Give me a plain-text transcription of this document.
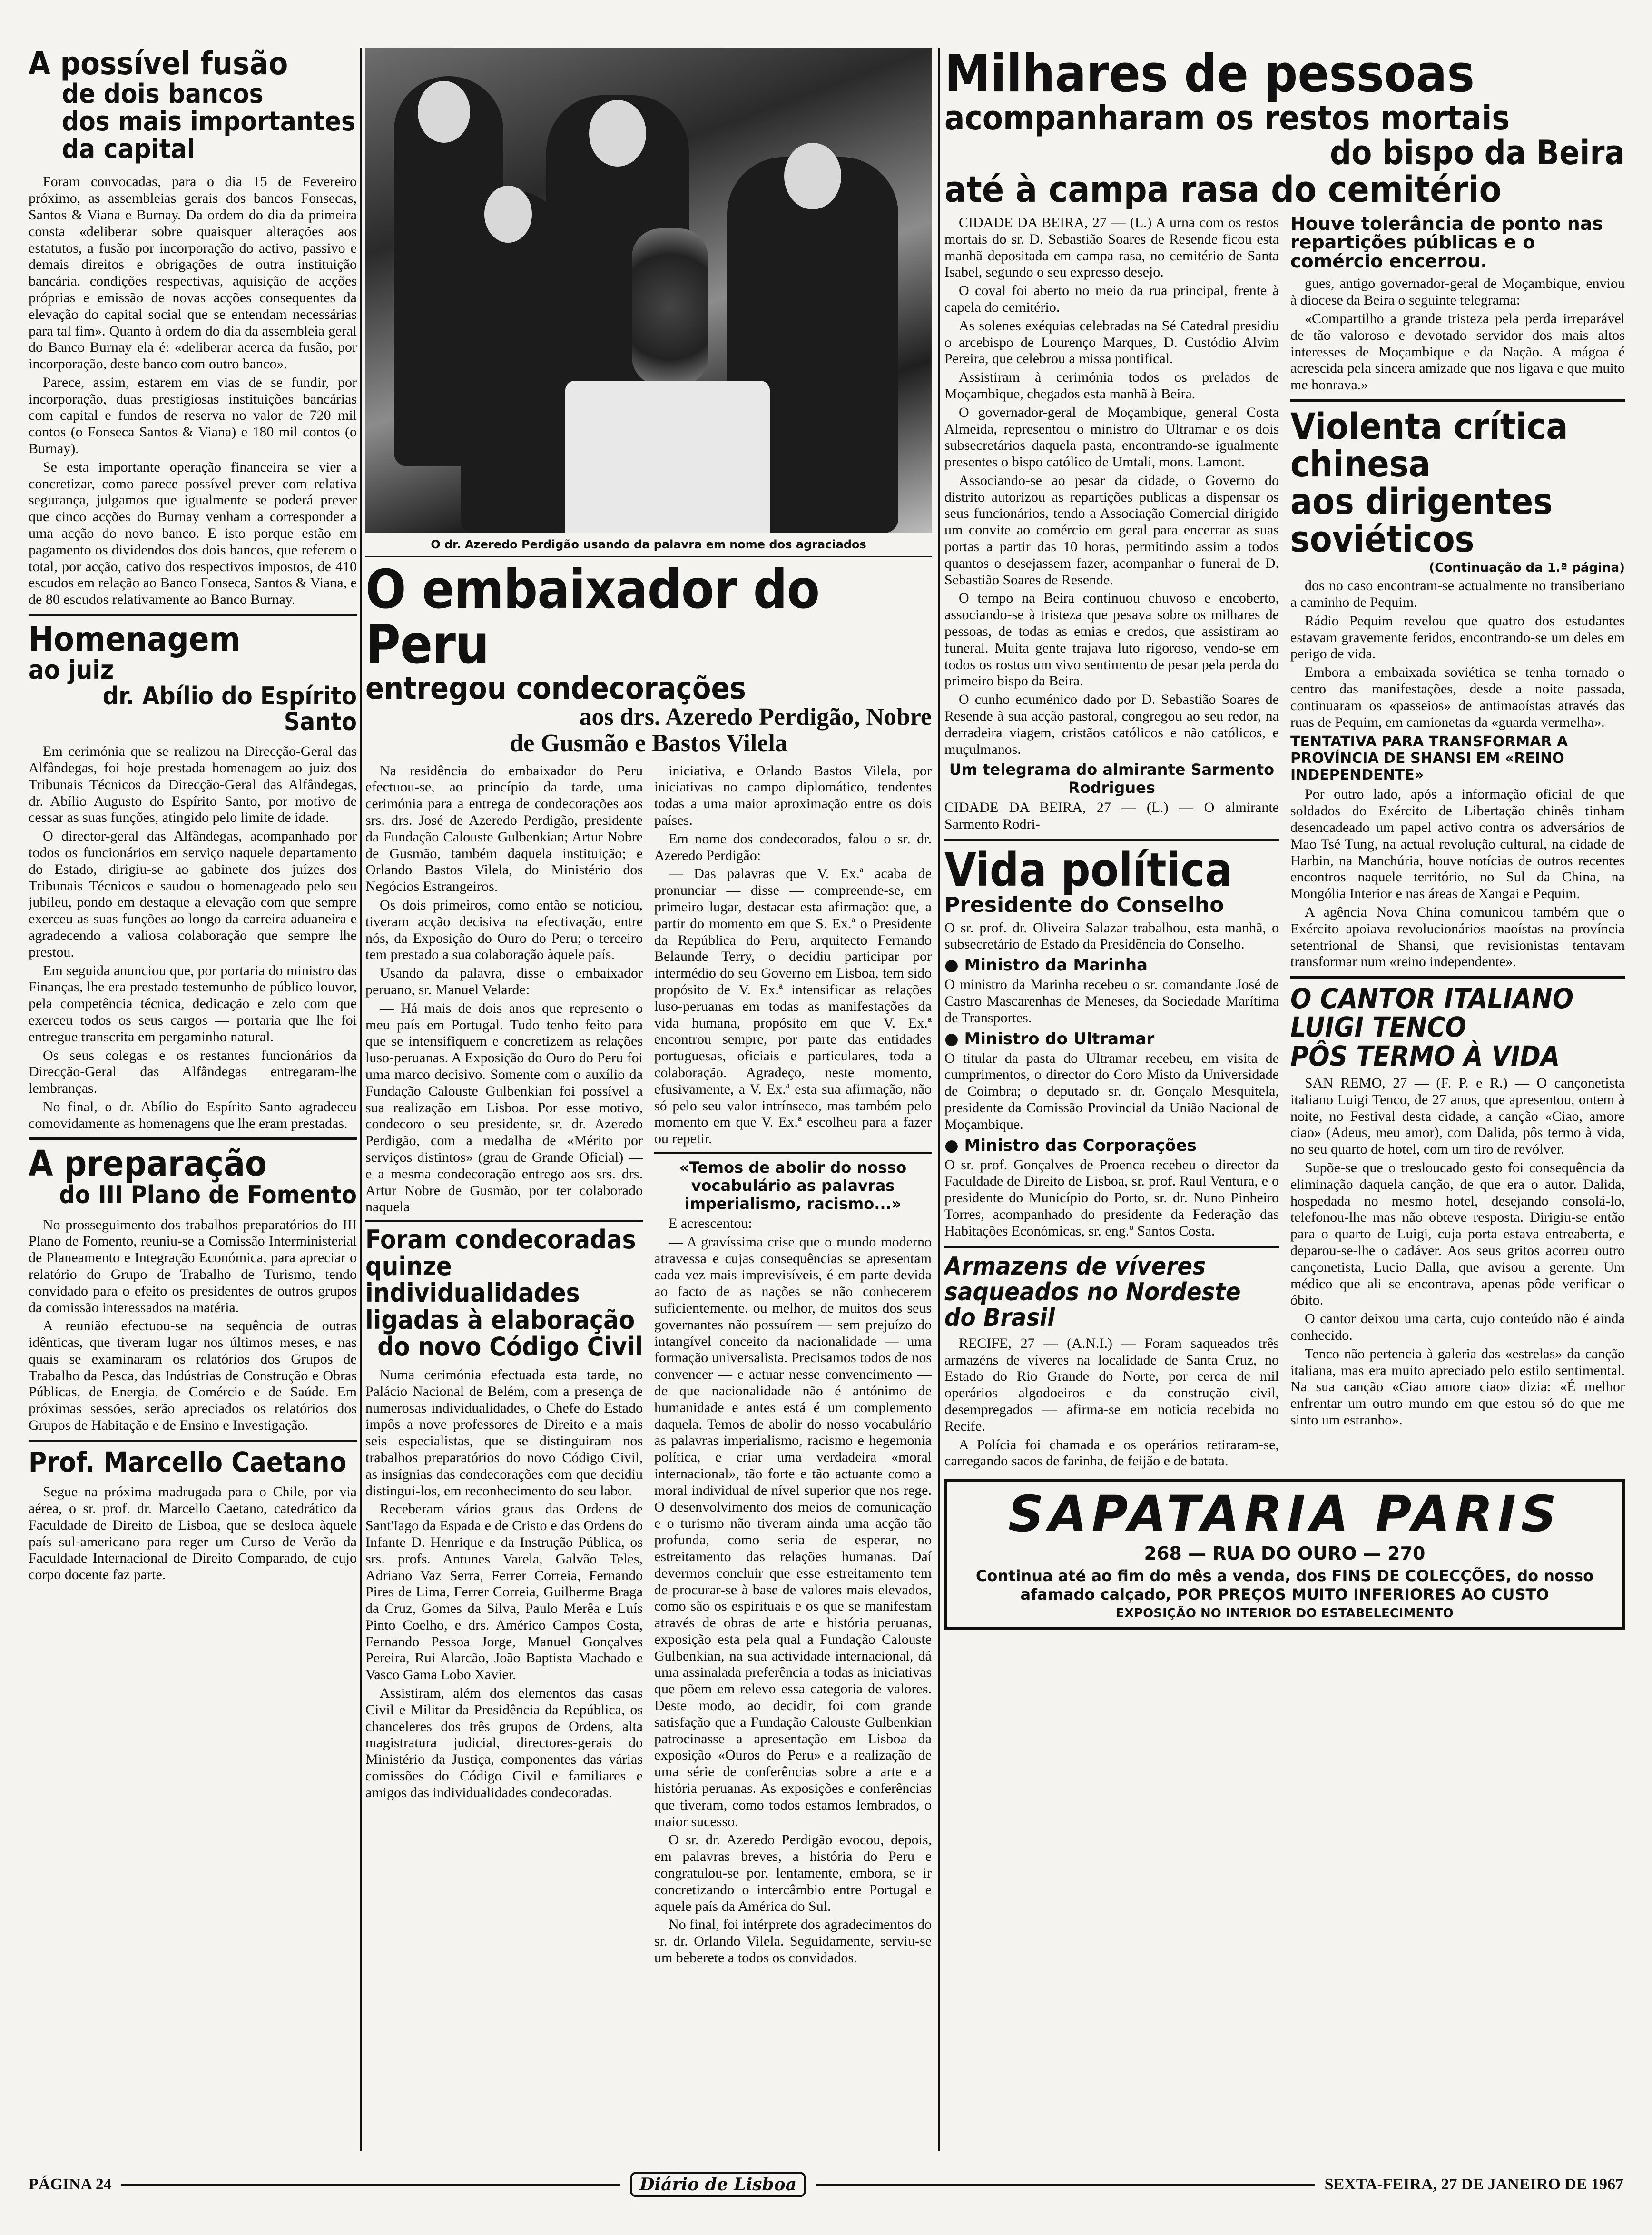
A possível fusão
de dois bancos
dos mais importantes
da capital

Foram convocadas, para o dia 15 de Fevereiro próximo, as assembleias gerais dos bancos Fonsecas, Santos & Viana e Burnay. Da ordem do dia da primeira consta «deliberar sobre quaisquer alterações aos estatutos, a fusão por incorporação do activo, passivo e demais direitos e obrigações de outra instituição bancária, condições respectivas, aquisição de acções próprias e emissão de novas acções consequentes da elevação do capital social que se entendam necessárias para tal fim». Quanto à ordem do dia da assembleia geral do Banco Burnay ela é: «deliberar acerca da fusão, por incorporação, deste banco com outro banco».

Parece, assim, estarem em vias de se fundir, por incorporação, duas prestigiosas instituições bancárias com capital e fundos de reserva no valor de 720 mil contos (o Fonseca Santos & Viana) e 180 mil contos (o Burnay).

Se esta importante operação financeira se vier a concretizar, como parece possível prever com relativa segurança, julgamos que igualmente se poderá prever que cinco acções do Burnay venham a corresponder a uma acção do novo banco. E isto porque estão em pagamento os dividendos dos dois bancos, que referem o total, por acção, cativo dos respectivos impostos, de 410 escudos em relação ao Banco Fonseca, Santos & Viana, e de 80 escudos relativamente ao Banco Burnay.

Homenagem
ao juiz
dr. Abílio do Espírito Santo

Em cerimónia que se realizou na Direcção-Geral das Alfândegas, foi hoje prestada homenagem ao juiz dos Tribunais Técnicos da Direcção-Geral das Alfândegas, dr. Abílio Augusto do Espírito Santo, por motivo de cessar as suas funções, atingido pelo limite de idade.

O director-geral das Alfândegas, acompanhado por todos os funcionários em serviço naquele departamento do Estado, dirigiu-se ao gabinete dos juízes dos Tribunais Técnicos e saudou o homenageado pelo seu jubileu, pondo em destaque a elevação com que sempre exerceu as suas funções ao longo da carreira aduaneira e agradecendo a valiosa colaboração que sempre lhe prestou.

Em seguida anunciou que, por portaria do ministro das Finanças, lhe era prestado testemunho de público louvor, pela competência técnica, dedicação e zelo com que exerceu todos os seus cargos — portaria que lhe foi entregue transcrita em pergaminho natural.

Os seus colegas e os restantes funcionários da Direcção-Geral das Alfândegas entregaram-lhe lembranças.

No final, o dr. Abílio do Espírito Santo agradeceu comovidamente as homenagens que lhe eram prestadas.

A preparação
do III Plano de Fomento

No prosseguimento dos trabalhos preparatórios do III Plano de Fomento, reuniu-se a Comissão Interministerial de Planeamento e Integração Económica, para apreciar o relatório do Grupo de Trabalho de Turismo, tendo convidado para o efeito os presidentes de outros grupos da comissão interessados na matéria.

A reunião efectuou-se na sequência de outras idênticas, que tiveram lugar nos últimos meses, e nas quais se examinaram os relatórios dos Grupos de Trabalho da Pesca, das Indústrias de Construção e Obras Públicas, de Energia, de Comércio e de Saúde. Em próximas sessões, serão apreciados os relatórios dos Grupos de Habitação e de Ensino e Investigação.

Prof. Marcello Caetano

Segue na próxima madrugada para o Chile, por via aérea, o sr. prof. dr. Marcello Caetano, catedrático da Faculdade de Direito de Lisboa, que se desloca àquele país sul-americano para reger um Curso de Verão da Faculdade Internacional de Direito Comparado, de cujo corpo docente faz parte.

O dr. Azeredo Perdigão usando da palavra em nome dos agraciados
O embaixador do Peru
entregou condecorações
aos drs. Azeredo Perdigão, Nobre
de Gusmão e Bastos Vilela

Na residência do embaixador do Peru efectuou-se, ao princípio da tarde, uma cerimónia para a entrega de condecorações aos srs. drs. José de Azeredo Perdigão, presidente da Fundação Calouste Gulbenkian; Artur Nobre de Gusmão, também daquela instituição; e Orlando Bastos Vilela, do Ministério dos Negócios Estrangeiros.

Os dois primeiros, como então se noticiou, tiveram acção decisiva na efectivação, entre nós, da Exposição do Ouro do Peru; o terceiro tem prestado a sua colaboração àquele país.

Usando da palavra, disse o embaixador peruano, sr. Manuel Velarde:

— Há mais de dois anos que represento o meu país em Portugal. Tudo tenho feito para que se intensifiquem e concretizem as relações luso-peruanas. A Exposição do Ouro do Peru foi uma marco decisivo. Somente com o auxílio da Fundação Calouste Gulbenkian foi possível a sua realização em Lisboa. Por esse motivo, condecoro o seu presidente, sr. dr. Azeredo Perdigão, com a medalha de «Mérito por serviços distintos» (grau de Grande Oficial) — e a mesma condecoração entrego aos srs. drs. Artur Nobre de Gusmão, por ter colaborado naquela

Foram condecoradas
quinze individualidades
ligadas à elaboração
do novo Código Civil

Numa cerimónia efectuada esta tarde, no Palácio Nacional de Belém, com a presença de numerosas individualidades, o Chefe do Estado impôs a nove professores de Direito e a mais seis especialistas, que se distinguiram nos trabalhos preparatórios do novo Código Civil, as insígnias das condecorações com que decidiu distingui-los, em reconhecimento do seu labor.

Receberam vários graus das Ordens de Sant'Iago da Espada e de Cristo e das Ordens do Infante D. Henrique e da Instrução Pública, os srs. profs. Antunes Varela, Galvão Teles, Adriano Vaz Serra, Ferrer Correia, Fernando Pires de Lima, Ferrer Correia, Guilherme Braga da Cruz, Gomes da Silva, Paulo Merêa e Luís Pinto Coelho, e drs. Américo Campos Costa, Fernando Pessoa Jorge, Manuel Gonçalves Pereira, Rui Alarcão, João Baptista Machado e Vasco Gama Lobo Xavier.

Assistiram, além dos elementos das casas Civil e Militar da Presidência da República, os chanceleres dos três grupos de Ordens, alta magistratura judicial, directores-gerais do Ministério da Justiça, componentes das várias comissões do Código Civil e familiares e amigos das individualidades condecoradas.

iniciativa, e Orlando Bastos Vilela, por iniciativas no campo diplomático, tendentes todas a uma maior aproximação entre os dois países.

Em nome dos condecorados, falou o sr. dr. Azeredo Perdigão:

— Das palavras que V. Ex.ª acaba de pronunciar — disse — compreende-se, em primeiro lugar, destacar esta afirmação: que, a partir do momento em que S. Ex.ª o Presidente da República do Peru, arquitecto Fernando Belaunde Terry, o decidiu participar por intermédio do seu Governo em Lisboa, tem sido propósito de V. Ex.ª intensificar as relações luso-peruanas em todas as manifestações da vida humana, propósito em que V. Ex.ª encontrou sempre, por parte das entidades portuguesas, oficiais e particulares, toda a colaboração. Agradeço, neste momento, efusivamente, a V. Ex.ª esta sua afirmação, não só pelo seu valor intrínseco, mas também pelo momento em que V. Ex.ª escolheu para a fazer ou repetir.

«Temos de abolir do nosso vocabulário as palavras imperialismo, racismo...»

E acrescentou:

— A gravíssima crise que o mundo moderno atravessa e cujas consequências se apresentam cada vez mais imprevisíveis, é em parte devida ao facto de as nações se não conhecerem suficientemente. ou melhor, de muitos dos seus governantes não possuírem — sem prejuízo do intangível conceito da nacionalidade — uma formação universalista. Precisamos todos de nos convencer — e actuar nesse convencimento — de que nacionalidade não é antónimo de humanidade e antes está é um complemento daquela. Temos de abolir do nosso vocabulário as palavras imperialismo, racismo e hegemonia política, e criar uma verdadeira «moral internacional», tão forte e tão actuante como a moral individual de nível superior que nos rege. O desenvolvimento dos meios de comunicação e o turismo não tiveram ainda uma acção tão profunda, como seria de esperar, no estreitamento das relações humanas. Daí devermos concluir que esse estreitamento tem de procurar-se à base de valores mais elevados, como são os espirituais e os que se manifestam através de obras de arte e história peruanas, exposição esta pela qual a Fundação Calouste Gulbenkian, na sua actividade internacional, dá uma assinalada preferência a todas as iniciativas que põem em relevo essa categoria de valores. Deste modo, ao decidir, foi com grande satisfação que a Fundação Calouste Gulbenkian patrocinasse a apresentação em Lisboa da exposição «Ouros do Peru» e a realização de uma série de conferências sobre a arte e a história peruanas. As exposições e conferências que tiveram, como todos estamos lembrados, o maior sucesso.

O sr. dr. Azeredo Perdigão evocou, depois, em palavras breves, a história do Peru e congratulou-se por, lentamente, embora, se ir concretizando o intercâmbio entre Portugal e aquele país da América do Sul.

No final, foi intérprete dos agradecimentos do sr. dr. Orlando Vilela. Seguidamente, serviu-se um beberete a todos os convidados.

Milhares de pessoas
acompanharam os restos mortais
do bispo da Beira
até à campa rasa do cemitério

CIDADE DA BEIRA, 27 — (L.) A urna com os restos mortais do sr. D. Sebastião Soares de Resende ficou esta manhã depositada em campa rasa, no cemitério de Santa Isabel, segundo o seu expresso desejo.

O coval foi aberto no meio da rua principal, frente à capela do cemitério.

As solenes exéquias celebradas na Sé Catedral presidiu o arcebispo de Lourenço Marques, D. Custódio Alvim Pereira, que celebrou a missa pontifical.

Assistiram à cerimónia todos os prelados de Moçambique, chegados esta manhã à Beira.

O governador-geral de Moçambique, general Costa Almeida, representou o ministro do Ultramar e os dois subsecretários daquela pasta, encontrando-se igualmente presentes o bispo católico de Umtali, mons. Lamont.

Associando-se ao pesar da cidade, o Governo do distrito autorizou as repartições publicas a dispensar os seus funcionários, tendo a Associação Comercial dirigido um convite ao comércio em geral para encerrar as suas portas a partir das 10 horas, permitindo assim a todos quantos o desejassem fazer, acompanhar o funeral de D. Sebastião Soares de Resende.

O tempo na Beira continuou chuvoso e encoberto, associando-se à tristeza que pesava sobre os milhares de pessoas, de todas as etnias e credos, que assistiram ao funeral. Muita gente trajava luto rigoroso, vendo-se em todos os rostos um vivo sentimento de pesar pela perda do primeiro bispo da Beira.

O cunho ecuménico dado por D. Sebastião Soares de Resende à sua acção pastoral, congregou ao seu redor, na derradeira viagem, cristãos católicos e não católicos, e muçulmanos.

Um telegrama do almirante Sarmento Rodrigues
CIDADE DA BEIRA, 27 — (L.) — O almirante Sarmento Rodri-
Vida política
Presidente do Conselho
O sr. prof. dr. Oliveira Salazar trabalhou, esta manhã, o subsecretário de Estado da Presidência do Conselho.
● Ministro da Marinha
O ministro da Marinha recebeu o sr. comandante José de Castro Mascarenhas de Meneses, da Sociedade Marítima de Transportes.
● Ministro do Ultramar
O titular da pasta do Ultramar recebeu, em visita de cumprimentos, o director do Coro Misto da Universidade de Coimbra; o deputado sr. dr. Gonçalo Mesquitela, presidente da Comissão Provincial da União Nacional de Moçambique.
● Ministro das Corporações
O sr. prof. Gonçalves de Proenca recebeu o director da Faculdade de Direito de Lisboa, sr. prof. Raul Ventura, e o presidente do Município do Porto, sr. dr. Nuno Pinheiro Torres, acompanhado do presidente da Federação das Habitações Económicas, sr. eng.º Santos Costa.
Armazens de víveres
saqueados no Nordeste
do Brasil

RECIFE, 27 — (A.N.I.) — Foram saqueados três armazéns de víveres na localidade de Santa Cruz, no Estado do Rio Grande do Norte, por cerca de mil operários algodoeiros e da construção civil, desempregados — afirma-se em noticia recebida no Recife.

A Polícia foi chamada e os operários retiraram-se, carregando sacos de farinha, de feijão e de batata.

Houve tolerância de ponto nas repartições públicas e o comércio encerrou.

gues, antigo governador-geral de Moçambique, enviou à diocese da Beira o seguinte telegrama:

«Compartilho a grande tristeza pela perda irreparável de tão valoroso e devotado servidor dos mais altos interesses de Moçambique e da Nação. A mágoa é acrescida pela sincera amizade que nos ligava e que muito me honrava.»

Violenta crítica
chinesa
aos dirigentes
soviéticos
(Continuação da 1.ª página)

dos no caso encontram-se actualmente no transiberiano a caminho de Pequim.

Rádio Pequim revelou que quatro dos estudantes estavam gravemente feridos, encontrando-se um deles em perigo de vida.

Embora a embaixada soviética se tenha tornado o centro das manifestações, desde a noite passada, continuaram os «passeios» de antimaoístas através das ruas de Pequim, em camionetas da «guarda vermelha».

TENTATIVA PARA TRANSFORMAR A PROVÍNCIA DE SHANSI EM «REINO INDEPENDENTE»

Por outro lado, após a informação oficial de que soldados do Exército de Libertação chinês tinham desencadeado um papel activo contra os adversários de Mao Tsé Tung, na actual revolução cultural, na cidade de Harbin, na Manchúria, houve notícias de outros recentes encontros naquele território, no Sul da China, na Mongólia Interior e nas áreas de Xangai e Pequim.

A agência Nova China comunicou também que o Exército apoiava revolucionários maoístas na província setentrional de Shansi, que revisionistas tentavam transformar num «reino independente».

O CANTOR ITALIANO
LUIGI TENCO
PÔS TERMO À VIDA

SAN REMO, 27 — (F. P. e R.) — O cançonetista italiano Luigi Tenco, de 27 anos, que apresentou, ontem à noite, no Festival desta cidade, a canção «Ciao, amore ciao» (Adeus, meu amor), com Dalida, pôs termo à vida, no seu quarto de hotel, com um tiro de revólver.

Supõe-se que o tresloucado gesto foi consequência da eliminação daquela canção, de que era o autor. Dalida, hospedada no mesmo hotel, desejando consolá-lo, telefonou-lhe mas não obteve resposta. Dirigiu-se então para o quarto de Luigi, cuja porta estava entreaberta, e deparou-se-lhe o cadáver. Aos seus gritos acorreu outro cançonetista, Lucio Dalla, que avisou a gerente. Um médico que ali se encontrava, apenas pôde verificar o óbito.

O cantor deixou uma carta, cujo conteúdo não é ainda conhecido.

Tenco não pertencia à galeria das «estrelas» da canção italiana, mas era muito apreciado pelo estilo sentimental. Na sua canção «Ciao amore ciao» dizia: «É melhor enfrentar um outro mundo em que estou só do que me sinto um estranho».

SAPATARIA PARIS
268 — RUA DO OURO — 270
Continua até ao fim do mês a venda, dos FINS DE COLECÇÕES, do nosso afamado calçado, POR PREÇOS MUITO INFERIORES AO CUSTO
EXPOSIÇÃO NO INTERIOR DO ESTABELECIMENTO
PÁGINA 24	Diário de Lisboa	SEXTA-FEIRA, 27 DE JANEIRO DE 1967
